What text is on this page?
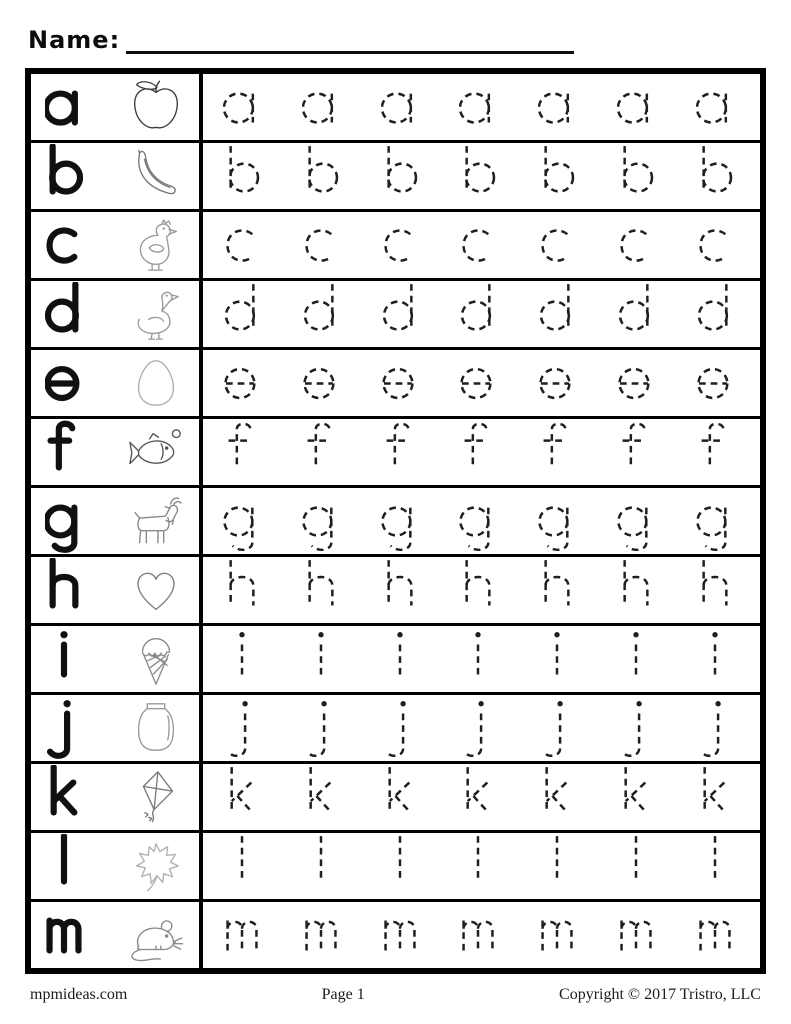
Name:
mpmideas.com	Page 1	Copyright © 2017 Tristro, LLC
